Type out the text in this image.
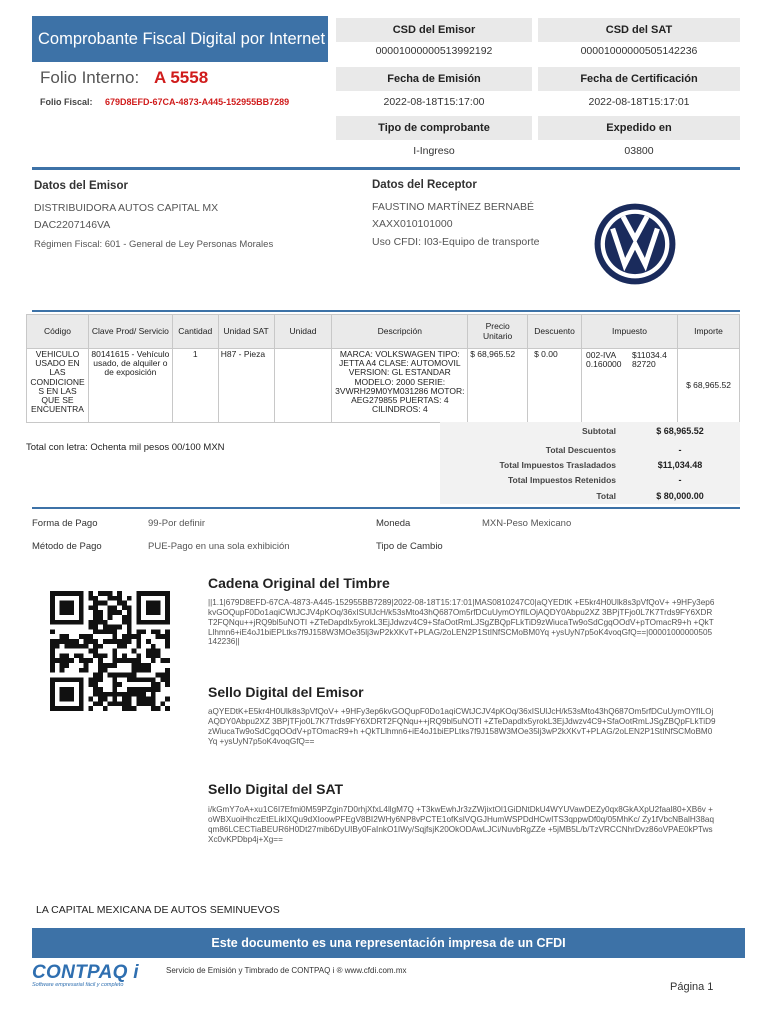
Comprobante Fiscal Digital por Internet
Folio Interno: A 5558
Folio Fiscal: 679D8EFD-67CA-4873-A445-152955BB7289
CSD del Emisor
00001000000513992192
CSD del SAT
00001000000505142236
Fecha de Emisión
2022-08-18T15:17:00
Fecha de Certificación
2022-08-18T15:17:01
Tipo de comprobante
I-Ingreso
Expedido en
03800
Datos del Emisor
DISTRIBUIDORA AUTOS CAPITAL MX
DAC2207146VA
Régimen Fiscal: 601 - General de Ley Personas Morales
Datos del Receptor
FAUSTINO MARTÍNEZ BERNABÉ
XAXX010101000
Uso CFDI: I03-Equipo de transporte
Código	Clave Prod/ Servicio	Cantidad	Unidad SAT	Unidad	Descripción	Precio Unitario	Descuento	Impuesto	Importe
VEHICULO USADO EN LAS CONDICIONE S EN LAS QUE SE ENCUENTRA	80141615 - Vehículo usado, de alquiler o de exposición	1	H87 - Pieza		MARCA: VOLKSWAGEN TIPO: JETTA A4 CLASE: AUTOMOVIL VERSION: GL ESTANDAR MODELO: 2000 SERIE: 3VWRH29M0YM031286 MOTOR: AEG279855 PUERTAS: 4 CILINDROS: 4	$ 68,965.52	$ 0.00	002-IVA 0.160000
$11034.4 82720	$ 68,965.52
Total con letra: Ochenta mil pesos 00/100 MXN
Subtotal	$ 68,965.52
Total Descuentos	-
Total Impuestos Trasladados	$11,034.48
Total Impuestos Retenidos	-
Total	$ 80,000.00
Forma de Pago	99-Por definir
Método de Pago	PUE-Pago en una sola exhibición
Moneda	MXN-Peso Mexicano
Tipo de Cambio
Cadena Original del Timbre
||1.1|679D8EFD-67CA-4873-A445-152955BB7289|2022-08-18T15:17:01|MAS0810247C0|aQYEDtK +E5kr4H0Ulk8s3pVfQoV+ +9HFy3ep6kvGOQupF0Do1aqiCWtJCJV4pKOq/36xISUlJcH/k53sMto43hQ687Om5rfDCuUymOYfILOjAQDY0Abpu2XZ 3BPjTFjo0L7K7Trds9FY6XDRT2FQNqu++jRQ9bl5uNOTI +ZTeDapdlx5yrokL3EjJdwzv4C9+SfaOotRmLJSgZBQpFLkTiD9zWiucaTw9oSdCgqOOdV+pTOmacR9+h +QkTLlhmn6+iE4oJ1biEPLtks7f9J158W3MOe35lj3wP2kXKvT+PLAG/2oLEN2P1StINfSCMoBM0Yq +ysUyN7p5oK4voqGfQ==|00001000000505142236||
Sello Digital del Emisor
aQYEDtK+E5kr4H0Ulk8s3pVfQoV+ +9HFy3ep6kvGOQupF0Do1aqiCWtJCJV4pKOq/36xISUlJcH/k53sMto43hQ687Om5rfDCuUymOYfILOjAQDY0Abpu2XZ 3BPjTFjo0L7K7Trds9FY6XDRT2FQNqu++jRQ9bl5uNOTI +ZTeDapdlx5yrokL3EjJdwzv4C9+SfaOotRmLJSgZBQpFLkTiD9zWiucaTw9oSdCgqOOdV+pTOmacR9+h +QkTLlhmn6+iE4oJ1biEPLtks7f9J158W3MOe35lj3wP2kXKvT+PLAG/2oLEN2P1StINfSCMoBM0Yq +ysUyN7p5oK4voqGfQ==
Sello Digital del SAT
i/kGmY7oA+xu1C6I7Efmi0M59PZgin7D0rhjXfxL4llgM7Q +T3kwEwhJr3zZWjixtOl1GiDNtDkU4WYUVawDEZy0qx8GkAXpU2faal80+XB6v +oWBXuoiHhczEtELikIXQu9dXIoowPFEgV8BI2WHy6NP8vPCTE1ofKslVQGJHumWSPDdHCwITS3qppwDf0q/05MhKc/ Zy1fVbcNBalH38aqqm86LCECTiaBEUR6H0Dt27mib6DyUIBy0FaInkO1IWy/SqjfsjK20OkODAwLJCi/NuvbRgZZe +5jMB5L/b/TzVRCCNhrDvz86oVPAE0kPTwsXc0vKPDbp4j+Xg==
LA CAPITAL MEXICANA DE AUTOS SEMINUEVOS
Este documento es una representación impresa de un CFDI
CONTPAQ i
Software empresarial fácil y completo
Servicio de Emisión y Timbrado de CONTPAQ i ® www.cfdi.com.mx
Página 1
